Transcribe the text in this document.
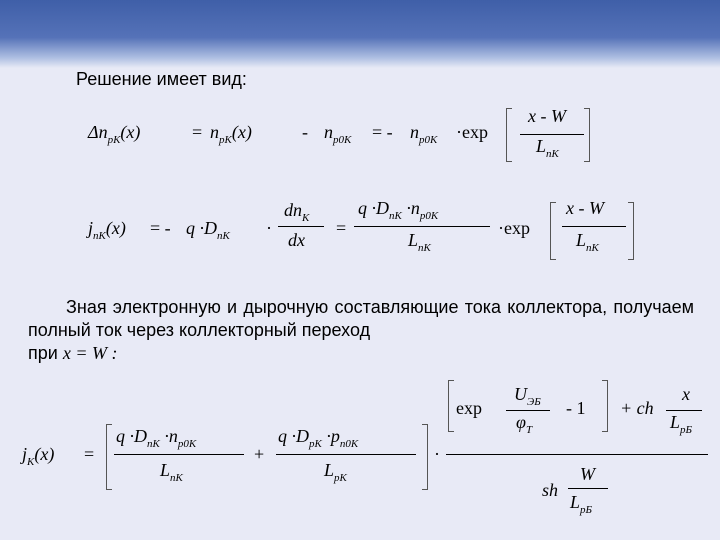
Решение имеет вид:
$\Delta n_{pK}(x)$	= $n_{pK}(x)$	- $n_{p0K}$ = - $n_{p0K} \cdot\exp$
x - W
$L_{nK}$
$j_{nK}(x)$ = - $q \cdot D_{nK}$
$dn_K$
dx
·	=
$q \cdot D_{nK} \cdot n_{p0K}$
$L_{nK}$
·exp
x - W
$L_{nK}$
Зная электронную и дырочную составляющие тока коллектора, получаем полный ток через коллекторный переход
при x = W :
$j_K(x)$ =
$q \cdot D_{nK} \cdot n_{p0K}$
$L_{nK}$
+
$q \cdot D_{pK} \cdot p_{n0K}$
$L_{pK}$
·
exp
$U_{ЭБ}$
$\varphi_T$
- 1 + ch
x
$L_{pБ}$
sh
W
$L_{pБ}$
